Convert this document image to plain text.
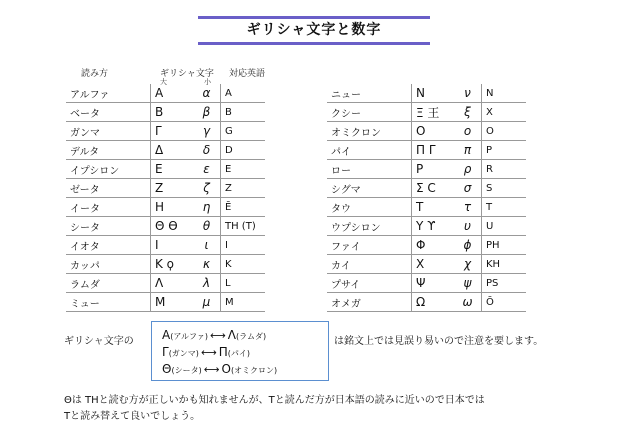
ギリシャ文字と数字
読み方	ギリシャ文字
大	小
対応英語
アルファ	Α	α	A
ベータ	Β	β	B
ガンマ	Γ	γ	G
デルタ	Δ	δ	D
イプシロン	Ε	ε	E
ゼータ	Ζ	ζ	Z
イータ	Η	η	Ē
シータ	Θ ϴ	θ	TH (T)
イオタ	Ι	ι	I
カッパ	Κ ϙ	κ	K
ラムダ	Λ	λ	L
ミュー	Μ	μ	M
ニュー	Ν	ν	N
クシー	Ξ 王	ξ	X
オミクロン	Ο	ο	O
パイ	Π Γ	π	P
ロー	Ρ	ρ	R
シグマ	Σ C	σ	S
タウ	Τ	τ	T
ウプシロン	Υ ϒ	υ	U
ファイ	Φ	ϕ	PH
カイ	Χ	χ	KH
プサイ	Ψ	ψ	PS
オメガ	Ω	ω	Ō
ギリシャ文字の Α(アルファ) ⟷ Λ(ラムダ)
Γ(ガンマ) ⟷ Π(パイ)
Θ(シータ) ⟷ Ο(オミクロン)
は銘文上では見誤り易いので注意を要します。
Θは THと読む方が正しいかも知れませんが、Tと読んだ方が日本語の読みに近いので日本では
Tと読み替えて良いでしょう。
